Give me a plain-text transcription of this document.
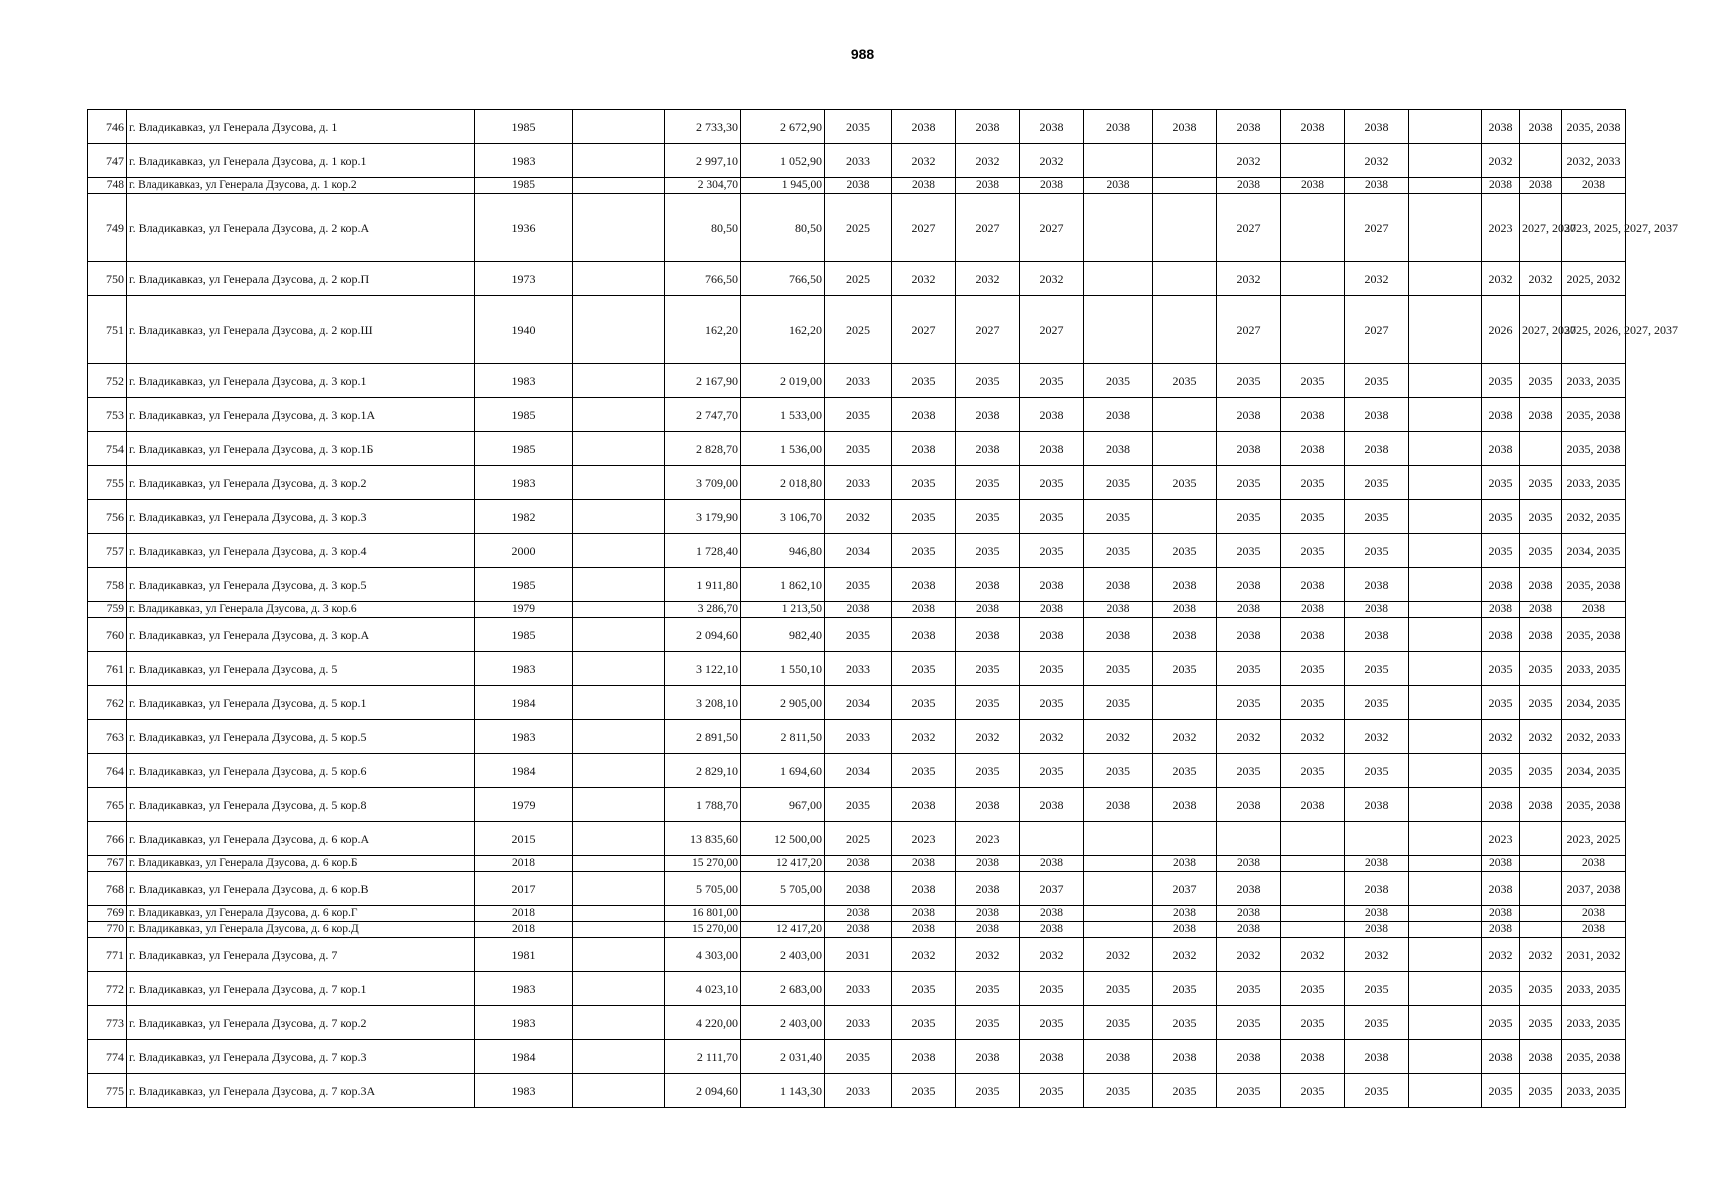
988
746	г. Владикавказ, ул Генерала Дзусова, д. 1	1985		2 733,30	2 672,90	2035	2038	2038	2038	2038	2038	2038	2038	2038		2038	2038	2035, 2038
747	г. Владикавказ, ул Генерала Дзусова, д. 1 кор.1	1983		2 997,10	1 052,90	2033	2032	2032	2032			2032		2032		2032		2032, 2033
748	г. Владикавказ, ул Генерала Дзусова, д. 1 кор.2	1985		2 304,70	1 945,00	2038	2038	2038	2038	2038		2038	2038	2038		2038	2038	2038
749	г. Владикавказ, ул Генерала Дзусова, д. 2 кор.А	1936		80,50	80,50	2025	2027	2027	2027			2027		2027		2023	2027, 2037	2023, 2025, 2027, 2037
750	г. Владикавказ, ул Генерала Дзусова, д. 2 кор.П	1973		766,50	766,50	2025	2032	2032	2032			2032		2032		2032	2032	2025, 2032
751	г. Владикавказ, ул Генерала Дзусова, д. 2 кор.Ш	1940		162,20	162,20	2025	2027	2027	2027			2027		2027		2026	2027, 2037	2025, 2026, 2027, 2037
752	г. Владикавказ, ул Генерала Дзусова, д. 3 кор.1	1983		2 167,90	2 019,00	2033	2035	2035	2035	2035	2035	2035	2035	2035		2035	2035	2033, 2035
753	г. Владикавказ, ул Генерала Дзусова, д. 3 кор.1А	1985		2 747,70	1 533,00	2035	2038	2038	2038	2038		2038	2038	2038		2038	2038	2035, 2038
754	г. Владикавказ, ул Генерала Дзусова, д. 3 кор.1Б	1985		2 828,70	1 536,00	2035	2038	2038	2038	2038		2038	2038	2038		2038		2035, 2038
755	г. Владикавказ, ул Генерала Дзусова, д. 3 кор.2	1983		3 709,00	2 018,80	2033	2035	2035	2035	2035	2035	2035	2035	2035		2035	2035	2033, 2035
756	г. Владикавказ, ул Генерала Дзусова, д. 3 кор.3	1982		3 179,90	3 106,70	2032	2035	2035	2035	2035		2035	2035	2035		2035	2035	2032, 2035
757	г. Владикавказ, ул Генерала Дзусова, д. 3 кор.4	2000		1 728,40	946,80	2034	2035	2035	2035	2035	2035	2035	2035	2035		2035	2035	2034, 2035
758	г. Владикавказ, ул Генерала Дзусова, д. 3 кор.5	1985		1 911,80	1 862,10	2035	2038	2038	2038	2038	2038	2038	2038	2038		2038	2038	2035, 2038
759	г. Владикавказ, ул Генерала Дзусова, д. 3 кор.6	1979		3 286,70	1 213,50	2038	2038	2038	2038	2038	2038	2038	2038	2038		2038	2038	2038
760	г. Владикавказ, ул Генерала Дзусова, д. 3 кор.А	1985		2 094,60	982,40	2035	2038	2038	2038	2038	2038	2038	2038	2038		2038	2038	2035, 2038
761	г. Владикавказ, ул Генерала Дзусова, д. 5	1983		3 122,10	1 550,10	2033	2035	2035	2035	2035	2035	2035	2035	2035		2035	2035	2033, 2035
762	г. Владикавказ, ул Генерала Дзусова, д. 5 кор.1	1984		3 208,10	2 905,00	2034	2035	2035	2035	2035		2035	2035	2035		2035	2035	2034, 2035
763	г. Владикавказ, ул Генерала Дзусова, д. 5 кор.5	1983		2 891,50	2 811,50	2033	2032	2032	2032	2032	2032	2032	2032	2032		2032	2032	2032, 2033
764	г. Владикавказ, ул Генерала Дзусова, д. 5 кор.6	1984		2 829,10	1 694,60	2034	2035	2035	2035	2035	2035	2035	2035	2035		2035	2035	2034, 2035
765	г. Владикавказ, ул Генерала Дзусова, д. 5 кор.8	1979		1 788,70	967,00	2035	2038	2038	2038	2038	2038	2038	2038	2038		2038	2038	2035, 2038
766	г. Владикавказ, ул Генерала Дзусова, д. 6 кор.А	2015		13 835,60	12 500,00	2025	2023	2023								2023		2023, 2025
767	г. Владикавказ, ул Генерала Дзусова, д. 6 кор.Б	2018		15 270,00	12 417,20	2038	2038	2038	2038		2038	2038		2038		2038		2038
768	г. Владикавказ, ул Генерала Дзусова, д. 6 кор.В	2017		5 705,00	5 705,00	2038	2038	2038	2037		2037	2038		2038		2038		2037, 2038
769	г. Владикавказ, ул Генерала Дзусова, д. 6 кор.Г	2018		16 801,00		2038	2038	2038	2038		2038	2038		2038		2038		2038
770	г. Владикавказ, ул Генерала Дзусова, д. 6 кор.Д	2018		15 270,00	12 417,20	2038	2038	2038	2038		2038	2038		2038		2038		2038
771	г. Владикавказ, ул Генерала Дзусова, д. 7	1981		4 303,00	2 403,00	2031	2032	2032	2032	2032	2032	2032	2032	2032		2032	2032	2031, 2032
772	г. Владикавказ, ул Генерала Дзусова, д. 7 кор.1	1983		4 023,10	2 683,00	2033	2035	2035	2035	2035	2035	2035	2035	2035		2035	2035	2033, 2035
773	г. Владикавказ, ул Генерала Дзусова, д. 7 кор.2	1983		4 220,00	2 403,00	2033	2035	2035	2035	2035	2035	2035	2035	2035		2035	2035	2033, 2035
774	г. Владикавказ, ул Генерала Дзусова, д. 7 кор.3	1984		2 111,70	2 031,40	2035	2038	2038	2038	2038	2038	2038	2038	2038		2038	2038	2035, 2038
775	г. Владикавказ, ул Генерала Дзусова, д. 7 кор.3А	1983		2 094,60	1 143,30	2033	2035	2035	2035	2035	2035	2035	2035	2035		2035	2035	2033, 2035
